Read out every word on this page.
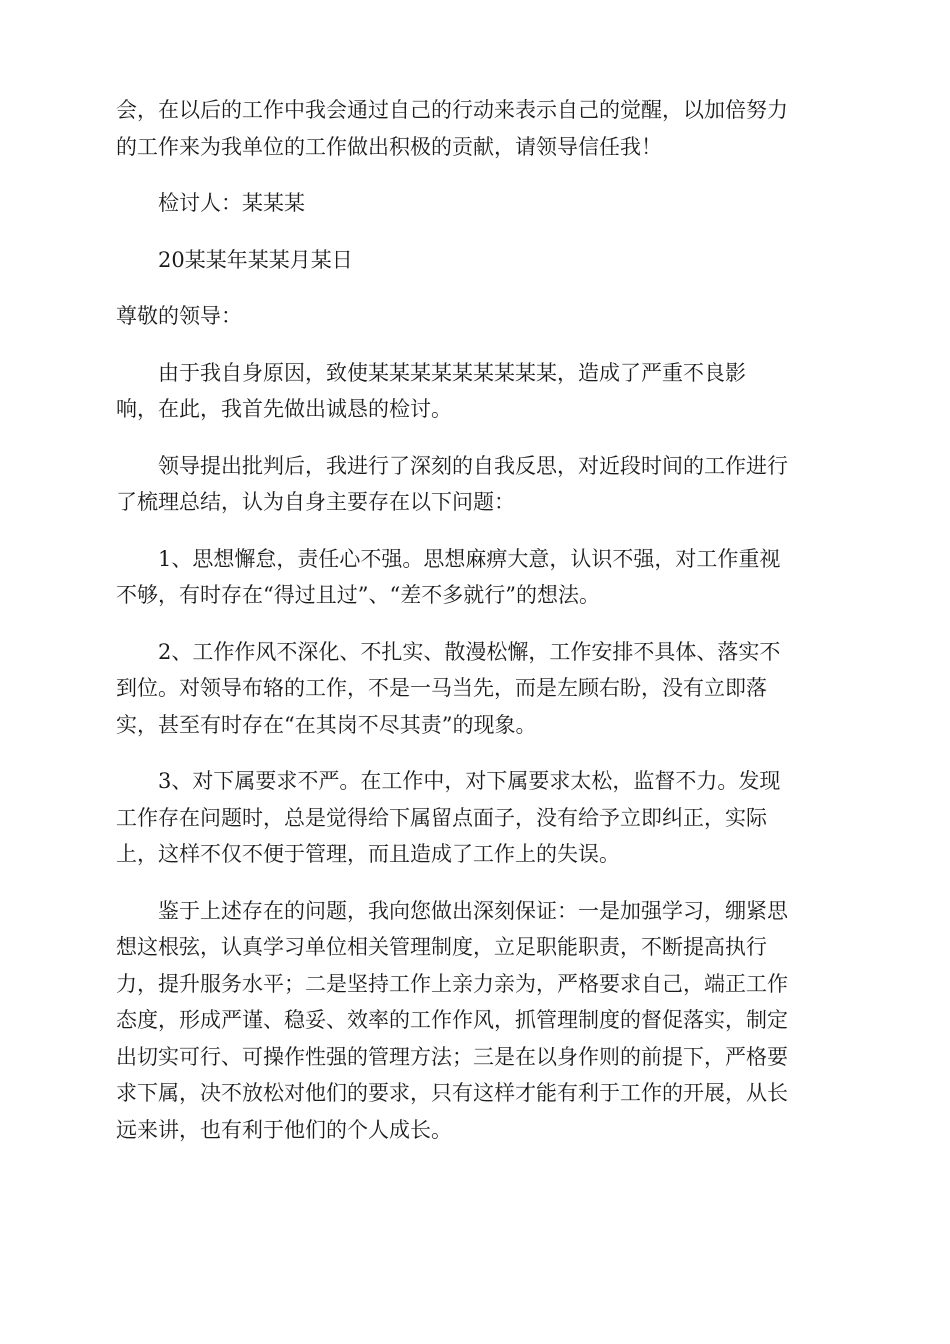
会，在以后的工作中我会通过自己的行动来表示自己的觉醒，以加倍努力
的工作来为我单位的工作做出积极的贡献，请领导信任我！

检讨人：某某某

20某某年某某月某日

尊敬的领导：

由于我自身原因，致使某某某某某某某某某，造成了严重不良影
响，在此，我首先做出诚恳的检讨。

领导提出批判后，我进行了深刻的自我反思，对近段时间的工作进行
了梳理总结，认为自身主要存在以下问题：

1、思想懈怠，责任心不强。思想麻痹大意，认识不强，对工作重视
不够，有时存在“得过且过”、“差不多就行”的想法。

2、工作作风不深化、不扎实、散漫松懈，工作安排不具体、落实不
到位。对领导布辂的工作，不是一马当先，而是左顾右盼，没有立即落
实，甚至有时存在“在其岗不尽其责”的现象。

3、对下属要求不严。在工作中，对下属要求太松，监督不力。发现
工作存在问题时，总是觉得给下属留点面子，没有给予立即纠正，实际
上，这样不仅不便于管理，而且造成了工作上的失误。

鉴于上述存在的问题，我向您做出深刻保证：一是加强学习，绷紧思
想这根弦，认真学习单位相关管理制度，立足职能职责，不断提高执行
力，提升服务水平；二是坚持工作上亲力亲为，严格要求自己，端正工作
态度，形成严谨、稳妥、效率的工作作风，抓管理制度的督促落实，制定
出切实可行、可操作性强的管理方法；三是在以身作则的前提下，严格要
求下属，决不放松对他们的要求，只有这样才能有利于工作的开展，从长
远来讲，也有利于他们的个人成长。
